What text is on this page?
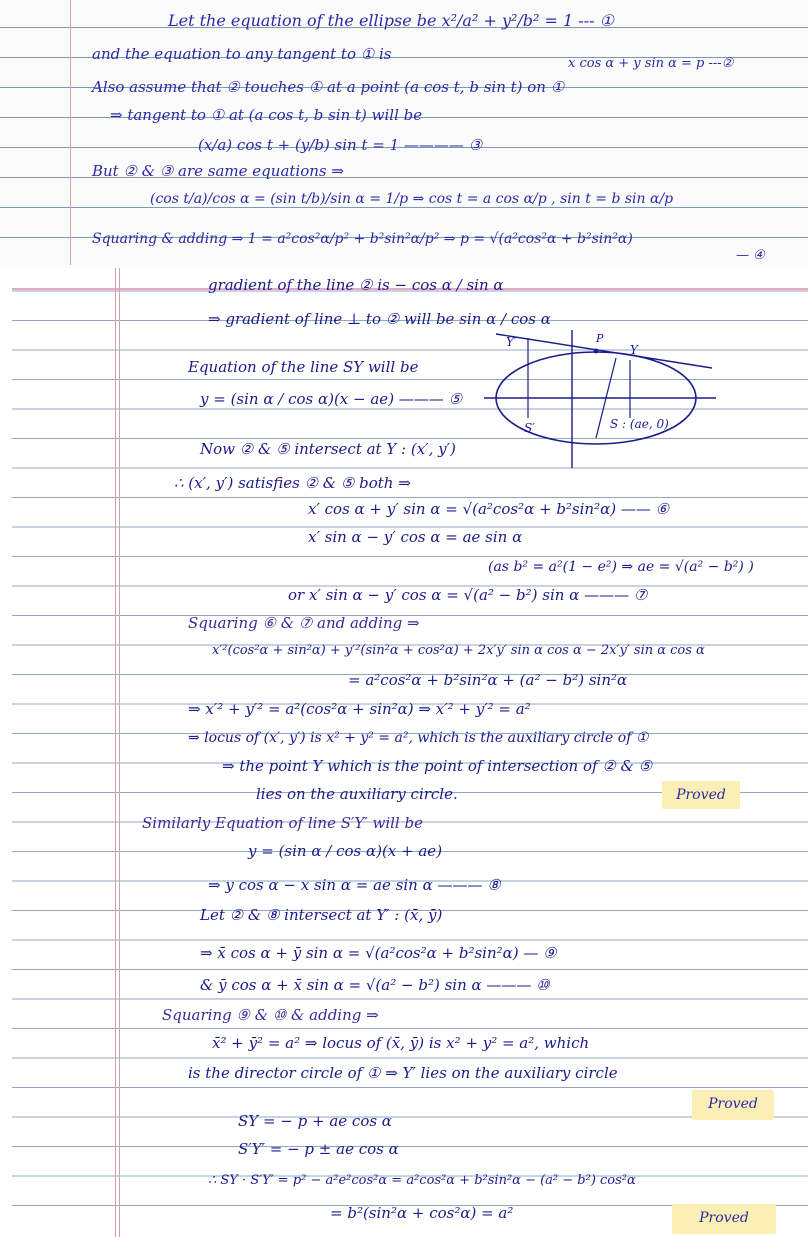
Let the equation of the ellipse be x²/a² + y²/b² = 1 --- ①
and the equation to any tangent to ① is
x cos α + y sin α = p ---②
Also assume that ② touches ① at a point (a cos t, b sin t) on ①
⇒ tangent to ① at (a cos t, b sin t) will be
(x/a) cos t + (y/b) sin t = 1 ———— ③
But ② & ③ are same equations ⇒
(cos t/a)/cos α = (sin t/b)/sin α = 1/p ⇒ cos t = a cos α/p , sin t = b sin α/p
Squaring & adding ⇒ 1 = a²cos²α/p² + b²sin²α/p² ⇒ p = √(a²cos²α + b²sin²α)
— ④
gradient of the line ② is − cos α / sin α
⇒ gradient of line ⊥ to ② will be sin α / cos α
Equation of the line SY will be
y = (sin α / cos α)(x − ae) ——— ⑤
Now ② & ⑤ intersect at Y : (x′, y′)
∴ (x′, y′) satisfies ② & ⑤ both ⇒
x′ cos α + y′ sin α = √(a²cos²α + b²sin²α) —— ⑥
x′ sin α − y′ cos α = ae sin α
(as b² = a²(1 − e²) ⇒ ae = √(a² − b²) )
or x′ sin α − y′ cos α = √(a² − b²) sin α ——— ⑦
Squaring ⑥ & ⑦ and adding ⇒
x′²(cos²α + sin²α) + y′²(sin²α + cos²α) + 2x′y′ sin α cos α − 2x′y′ sin α cos α
= a²cos²α + b²sin²α + (a² − b²) sin²α
⇒ x′² + y′² = a²(cos²α + sin²α) ⇒ x′² + y′² = a²
⇒ locus of (x′, y′) is x² + y² = a², which is the auxiliary circle of ①
⇒ the point Y which is the point of intersection of ② & ⑤
lies on the auxiliary circle.	Proved
Similarly Equation of line S′Y′ will be
y = (sin α / cos α)(x + ae)
⇒ y cos α − x sin α = ae sin α ——— ⑧
Let ② & ⑧ intersect at Y′ : (x̄, ȳ)
⇒ x̄ cos α + ȳ sin α = √(a²cos²α + b²sin²α) — ⑨
& ȳ cos α + x̄ sin α = √(a² − b²) sin α ——— ⑩
Squaring ⑨ & ⑩ & adding ⇒
x̄² + ȳ² = a² ⇒ locus of (x̄, ȳ) is x² + y² = a², which
is the director circle of ① ⇒ Y′ lies on the auxiliary circle
Proved
SY = − p + ae cos α
S′Y′ = − p ± ae cos α
∴ SY · S′Y′ = p² − a²e²cos²α = a²cos²α + b²sin²α − (a² − b²) cos²α
= b²(sin²α + cos²α) = a²	Proved
Y′	P
Y
S′	S : (ae, 0)
